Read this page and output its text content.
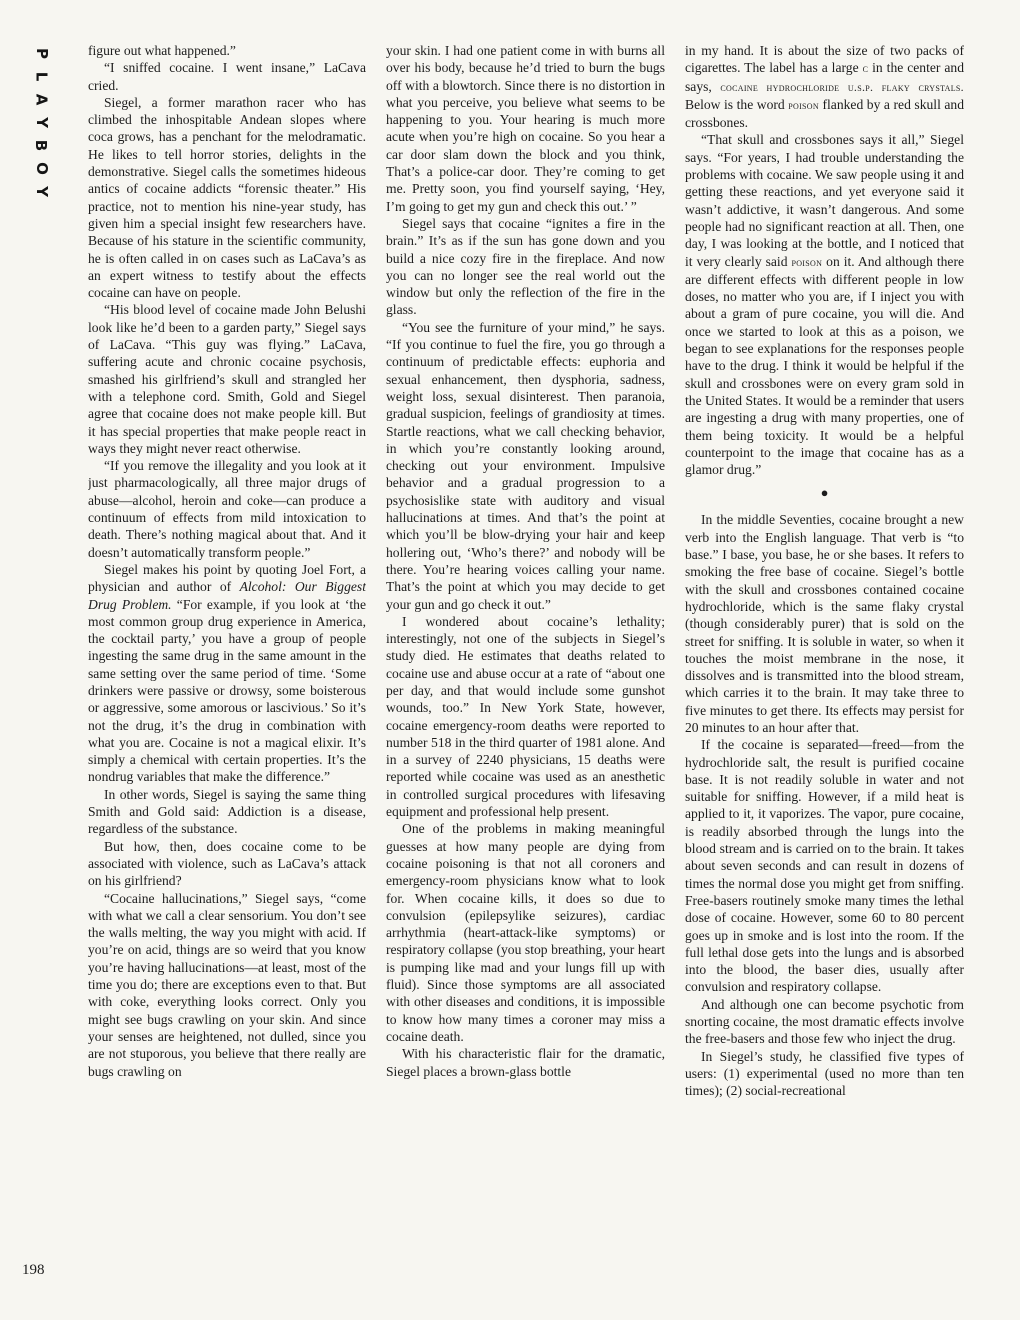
P
L
A
Y
B
O
Y
198

figure out what happened.”

“I sniffed cocaine. I went insane,” LaCava cried.

Siegel, a former marathon racer who has climbed the inhospitable Andean slopes where coca grows, has a penchant for the melodramatic. He likes to tell horror stories, delights in the demonstrative. Siegel calls the sometimes hideous antics of cocaine addicts “forensic theater.” His practice, not to mention his nine-year study, has given him a special insight few researchers have. Because of his stature in the scientific community, he is often called in on cases such as LaCava’s as an expert witness to testify about the effects cocaine can have on people.

“His blood level of cocaine made John Belushi look like he’d been to a garden party,” Siegel says of LaCava. “This guy was flying.” LaCava, suffering acute and chronic cocaine psychosis, smashed his girlfriend’s skull and strangled her with a telephone cord. Smith, Gold and Siegel agree that cocaine does not make people kill. But it has special properties that make people react in ways they might never react otherwise.

“If you remove the illegality and you look at it just pharmacologically, all three major drugs of abuse—alcohol, heroin and coke—can produce a continuum of effects from mild intoxication to death. There’s nothing magical about that. And it doesn’t automatically transform people.”

Siegel makes his point by quoting Joel Fort, a physician and author of Alcohol: Our Biggest Drug Problem. “For example, if you look at ‘the most common group drug experience in America, the cocktail party,’ you have a group of people ingesting the same drug in the same amount in the same setting over the same period of time. ‘Some drinkers were passive or drowsy, some boisterous or aggressive, some amorous or lascivious.’ So it’s not the drug, it’s the drug in combination with what you are. Cocaine is not a magical elixir. It’s simply a chemical with certain properties. It’s the nondrug variables that make the difference.”

In other words, Siegel is saying the same thing Smith and Gold said: Addiction is a disease, regardless of the substance.

But how, then, does cocaine come to be associated with violence, such as LaCava’s attack on his girlfriend?

“Cocaine hallucinations,” Siegel says, “come with what we call a clear sensorium. You don’t see the walls melting, the way you might with acid. If you’re on acid, things are so weird that you know you’re having hallucinations—at least, most of the time you do; there are exceptions even to that. But with coke, everything looks correct. Only you might see bugs crawling on your skin. And since your senses are heightened, not dulled, since you are not stuporous, you believe that there really are bugs crawling on

your skin. I had one patient come in with burns all over his body, because he’d tried to burn the bugs off with a blowtorch. Since there is no distortion in what you perceive, you believe what seems to be happening to you. Your hearing is much more acute when you’re high on cocaine. So you hear a car door slam down the block and you think, That’s a police-car door. They’re coming to get me. Pretty soon, you find yourself saying, ‘Hey, I’m going to get my gun and check this out.’ ”

Siegel says that cocaine “ignites a fire in the brain.” It’s as if the sun has gone down and you build a nice cozy fire in the fireplace. And now you can no longer see the real world out the window but only the reflection of the fire in the glass.

“You see the furniture of your mind,” he says. “If you continue to fuel the fire, you go through a continuum of predictable effects: euphoria and sexual enhancement, then dysphoria, sadness, weight loss, sexual disinterest. Then paranoia, gradual suspicion, feelings of grandiosity at times. Startle reactions, what we call checking behavior, in which you’re constantly looking around, checking out your environment. Impulsive behavior and a gradual progression to a psychosislike state with auditory and visual hallucinations at times. And that’s the point at which you’ll be blow-drying your hair and keep hollering out, ‘Who’s there?’ and nobody will be there. You’re hearing voices calling your name. That’s the point at which you may decide to get your gun and go check it out.”

I wondered about cocaine’s lethality; interestingly, not one of the subjects in Siegel’s study died. He estimates that deaths related to cocaine use and abuse occur at a rate of “about one per day, and that would include some gunshot wounds, too.” In New York State, however, cocaine emergency-room deaths were reported to number 518 in the third quarter of 1981 alone. And in a survey of 2240 physicians, 15 deaths were reported while cocaine was used as an anesthetic in controlled surgical procedures with lifesaving equipment and professional help present.

One of the problems in making meaningful guesses at how many people are dying from cocaine poisoning is that not all coroners and emergency-room physicians know what to look for. When cocaine kills, it does so due to convulsion (epilepsylike seizures), cardiac arrhythmia (heart-attack-like symptoms) or respiratory collapse (you stop breathing, your heart is pumping like mad and your lungs fill up with fluid). Since those symptoms are all associated with other diseases and conditions, it is impossible to know how many times a coroner may miss a cocaine death.

With his characteristic flair for the dramatic, Siegel places a brown-glass bottle

in my hand. It is about the size of two packs of cigarettes. The label has a large c in the center and says, cocaine hydrochloride u.s.p. flaky crystals. Below is the word poison flanked by a red skull and crossbones.

“That skull and crossbones says it all,” Siegel says. “For years, I had trouble understanding the problems with cocaine. We saw people using it and getting these reactions, and yet everyone said it wasn’t addictive, it wasn’t dangerous. And some people had no significant reaction at all. Then, one day, I was looking at the bottle, and I noticed that it very clearly said poison on it. And although there are different effects with different people in low doses, no matter who you are, if I inject you with about a gram of pure cocaine, you will die. And once we started to look at this as a poison, we began to see explanations for the responses people have to the drug. I think it would be helpful if the skull and crossbones were on every gram sold in the United States. It would be a reminder that users are ingesting a drug with many properties, one of them being toxicity. It would be a helpful counterpoint to the image that cocaine has as a glamor drug.”

●

In the middle Seventies, cocaine brought a new verb into the English language. That verb is “to base.” I base, you base, he or she bases. It refers to smoking the free base of cocaine. Siegel’s bottle with the skull and crossbones contained cocaine hydrochloride, which is the same flaky crystal (though considerably purer) that is sold on the street for sniffing. It is soluble in water, so when it touches the moist membrane in the nose, it dissolves and is transmitted into the blood stream, which carries it to the brain. It may take three to five minutes to get there. Its effects may persist for 20 minutes to an hour after that.

If the cocaine is separated—freed—from the hydrochloride salt, the result is purified cocaine base. It is not readily soluble in water and not suitable for sniffing. However, if a mild heat is applied to it, it vaporizes. The vapor, pure cocaine, is readily absorbed through the lungs into the blood stream and is carried on to the brain. It takes about seven seconds and can result in dozens of times the normal dose you might get from sniffing. Free-basers routinely smoke many times the lethal dose of cocaine. However, some 60 to 80 percent goes up in smoke and is lost into the room. If the full lethal dose gets into the lungs and is absorbed into the blood, the baser dies, usually after convulsion and respiratory collapse.

And although one can become psychotic from snorting cocaine, the most dramatic effects involve the free-basers and those few who inject the drug.

In Siegel’s study, he classified five types of users: (1) experimental (used no more than ten times); (2) social-recreational
